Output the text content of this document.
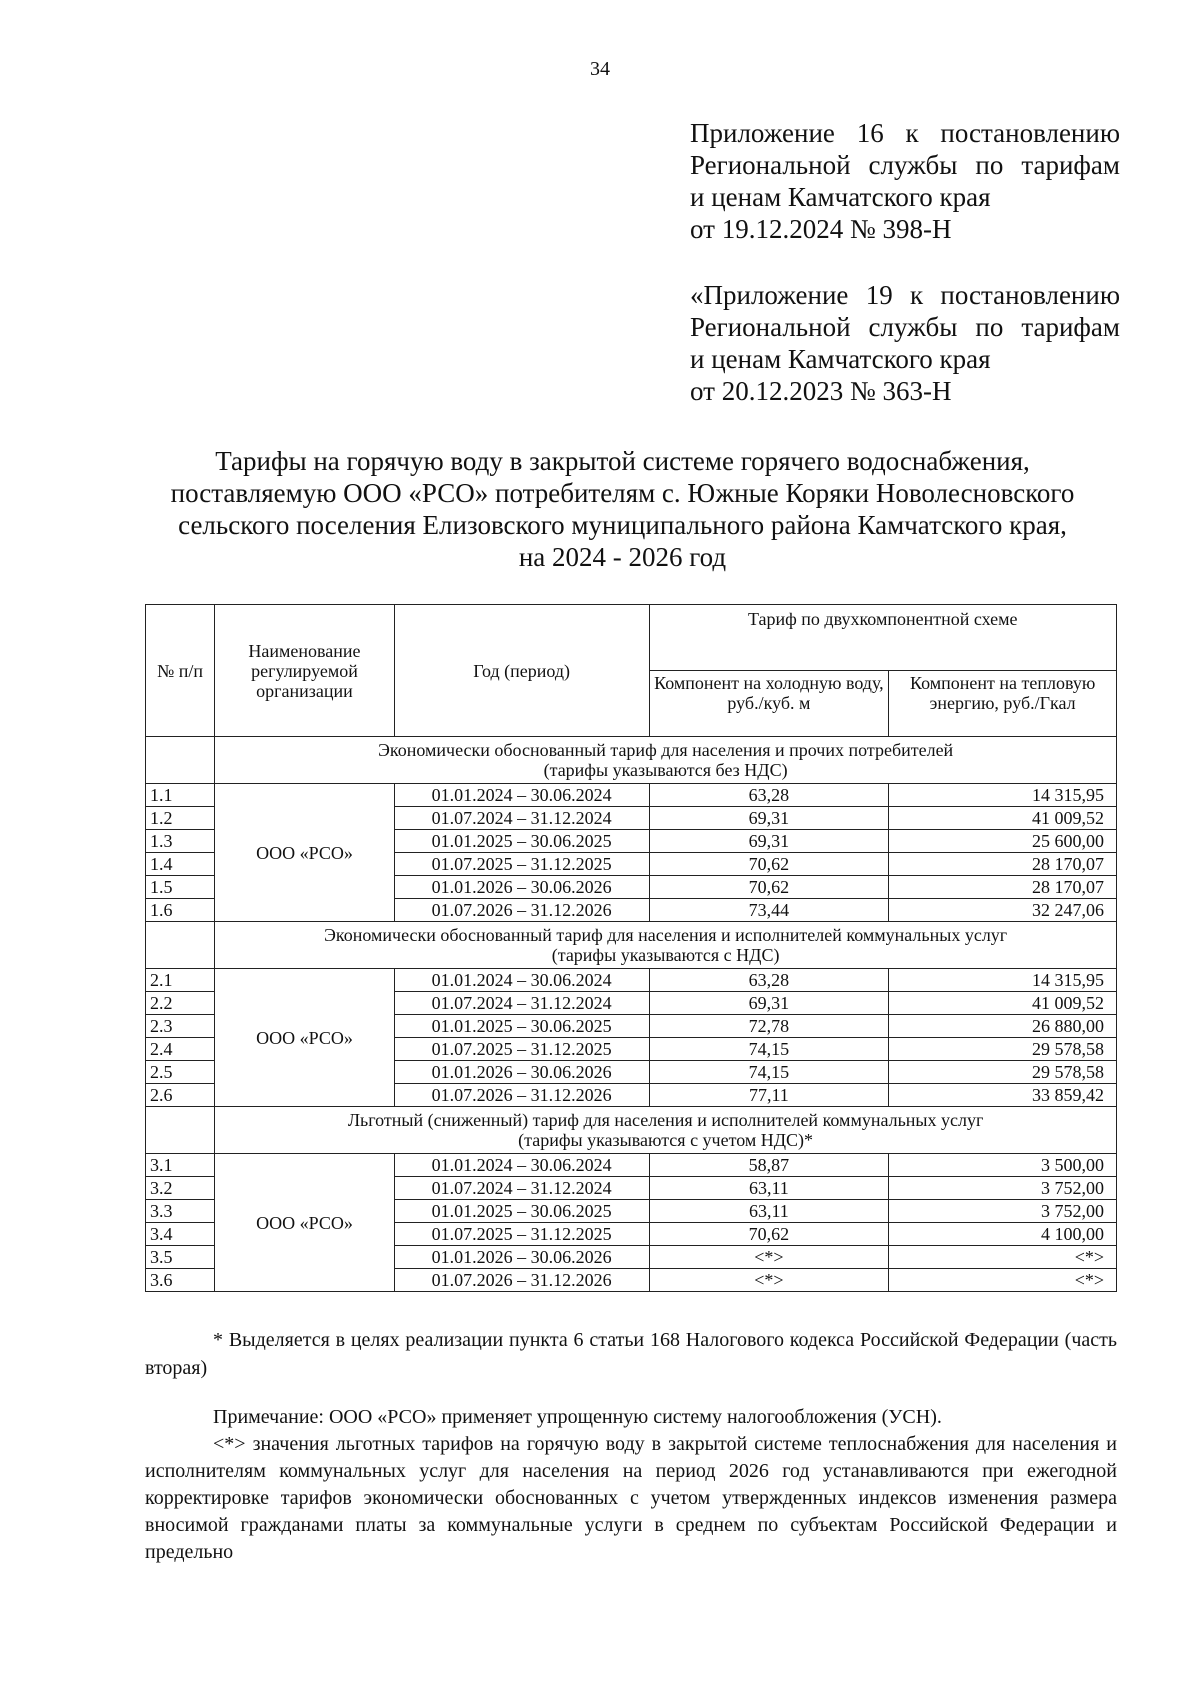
34
Приложение 16 к постановлению
Региональной службы по тарифам
и ценам Камчатского края
от 19.12.2024 № 398-Н
«Приложение 19 к постановлению
Региональной службы по тарифам
и ценам Камчатского края
от 20.12.2023 № 363-Н
Тарифы на горячую воду в закрытой системе горячего водоснабжения,
поставляемую ООО «РСО» потребителям с. Южные Коряки Новолесновского
сельского поселения Елизовского муниципального района Камчатского края,
на 2024 - 2026 год
№ п/п	Наименование регулируемой организации	Год (период)	Тариф по двухкомпонентной схеме	
			Компонент на холодную воду, руб./куб. м	Компонент на тепловую энергию, руб./Гкал

	Экономически обоснованный тариф для населения и прочих потребителей
(тарифы указываются без НДС)			

1.1	ООО «РСО»	01.01.2024 – 30.06.2024	63,28	14 315,95
1.2		01.07.2024 – 31.12.2024	69,31	41 009,52
1.3		01.01.2025 – 30.06.2025	69,31	25 600,00
1.4		01.07.2025 – 31.12.2025	70,62	28 170,07
1.5		01.01.2026 – 30.06.2026	70,62	28 170,07
1.6		01.07.2026 – 31.12.2026	73,44	32 247,06

	Экономически обоснованный тариф для населения и исполнителей коммунальных услуг
(тарифы указываются с НДС)			

2.1	ООО «РСО»	01.01.2024 – 30.06.2024	63,28	14 315,95
2.2		01.07.2024 – 31.12.2024	69,31	41 009,52
2.3		01.01.2025 – 30.06.2025	72,78	26 880,00
2.4		01.07.2025 – 31.12.2025	74,15	29 578,58
2.5		01.01.2026 – 30.06.2026	74,15	29 578,58
2.6		01.07.2026 – 31.12.2026	77,11	33 859,42

	Льготный (сниженный) тариф для населения и исполнителей коммунальных услуг
(тарифы указываются с учетом НДС)*			

3.1	ООО «РСО»	01.01.2024 – 30.06.2024	58,87	3 500,00
3.2		01.07.2024 – 31.12.2024	63,11	3 752,00
3.3		01.01.2025 – 30.06.2025	63,11	3 752,00
3.4		01.07.2025 – 31.12.2025	70,62	4 100,00
3.5		01.01.2026 – 30.06.2026	<*>	<*>
3.6		01.07.2026 – 31.12.2026	<*>	<*>
* Выделяется в целях реализации пункта 6 статьи 168 Налогового кодекса Российской Федерации (часть вторая)

Примечание: ООО «РСО» применяет упрощенную систему налогообложения (УСН).

<*> значения льготных тарифов на горячую воду в закрытой системе теплоснабжения для населения и исполнителям коммунальных услуг для населения на период 2026 год устанавливаются при ежегодной корректировке тарифов экономически обоснованных с учетом утвержденных индексов изменения размера вносимой гражданами платы за коммунальные услуги в среднем по субъектам Российской Федерации и предельно
